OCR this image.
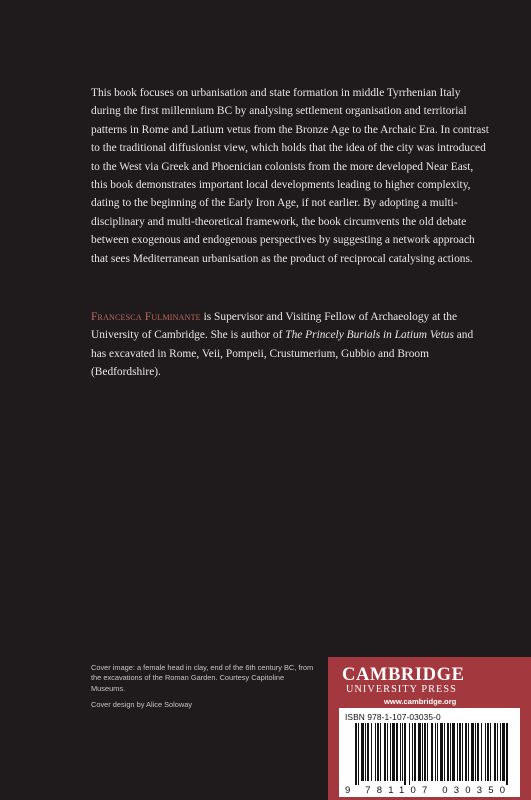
This book focuses on urbanisation and state formation in middle Tyrrhenian Italy during the first millennium BC by analysing settlement organisation and territorial patterns in Rome and Latium vetus from the Bronze Age to the Archaic Era. In contrast to the traditional diffusionist view, which holds that the idea of the city was introduced to the West via Greek and Phoenician colonists from the more developed Near East, this book demonstrates important local developments leading to higher complexity, dating to the beginning of the Early Iron Age, if not earlier. By adopting a multi-disciplinary and multi-theoretical framework, the book circumvents the old debate between exogenous and endogenous perspectives by suggesting a network approach that sees Mediterranean urbanisation as the product of reciprocal catalysing actions.
Francesca Fulminante is Supervisor and Visiting Fellow of Archaeology at the University of Cambridge. She is author of The Princely Burials in Latium Vetus and has excavated in Rome, Veii, Pompeii, Crustumerium, Gubbio and Broom (Bedfordshire).
Cover image: a female head in clay, end of the 6th century BC, from the excavations of the Roman Garden. Courtesy Capitoline Museums.
Cover design by Alice Soloway
CAMBRIDGE
UNIVERSITY PRESS
www.cambridge.org
ISBN 978-1-107-03035-0
9 781107 030350
